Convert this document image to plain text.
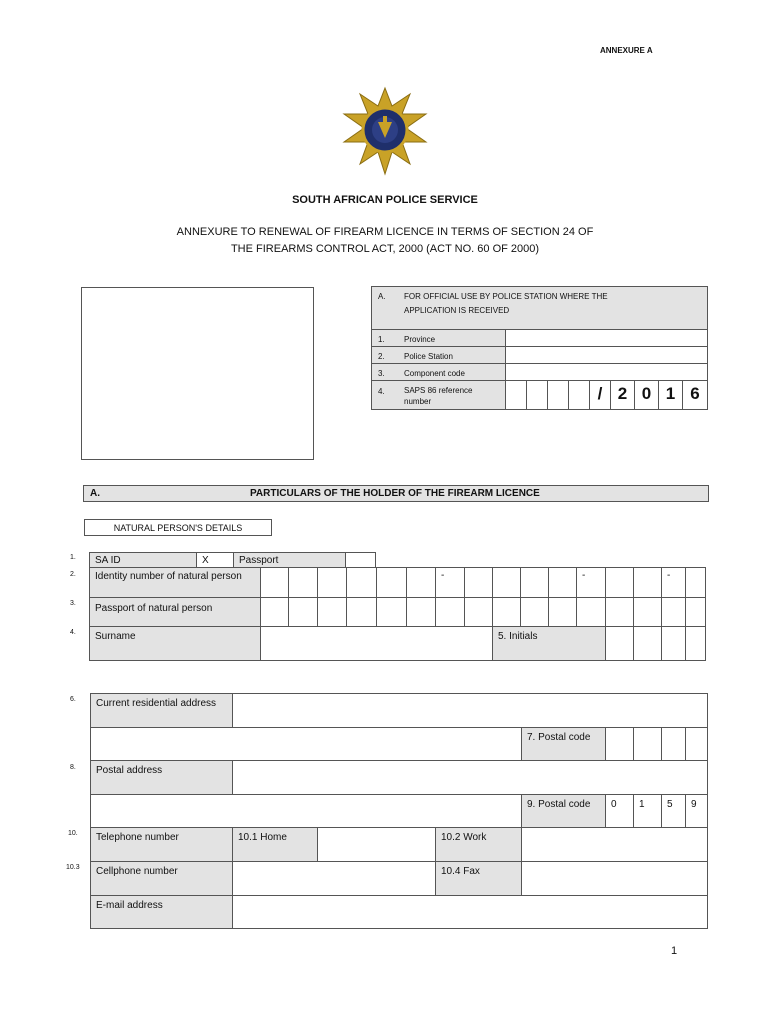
ANNEXURE A
SOUTH AFRICAN POLICE SERVICE
ANNEXURE TO RENEWAL OF FIREARM LICENCE IN TERMS OF SECTION 24 OF
THE FIREARMS CONTROL ACT, 2000 (ACT NO. 60 OF 2000)
A. FOR OFFICIAL USE BY POLICE STATION WHERE THE
APPLICATION IS RECEIVED
1. Province
2. Police Station
3. Component code
4. SAPS 86 reference number	/ 2 0 1 6
A.	PARTICULARS OF THE HOLDER OF THE FIREARM LICENCE
NATURAL PERSON'S DETAILS
1.	SA ID	X	Passport
2.	Identity number of natural person	-	-	-
3.	Passport of natural person
4.	Surname	5. Initials
6.	Current residential address
7. Postal code
8.	Postal address
9. Postal code	0	1	5	9
10.	Telephone number	10.1 Home	10.2 Work
10.3	Cellphone number	10.4 Fax
E-mail address
1
